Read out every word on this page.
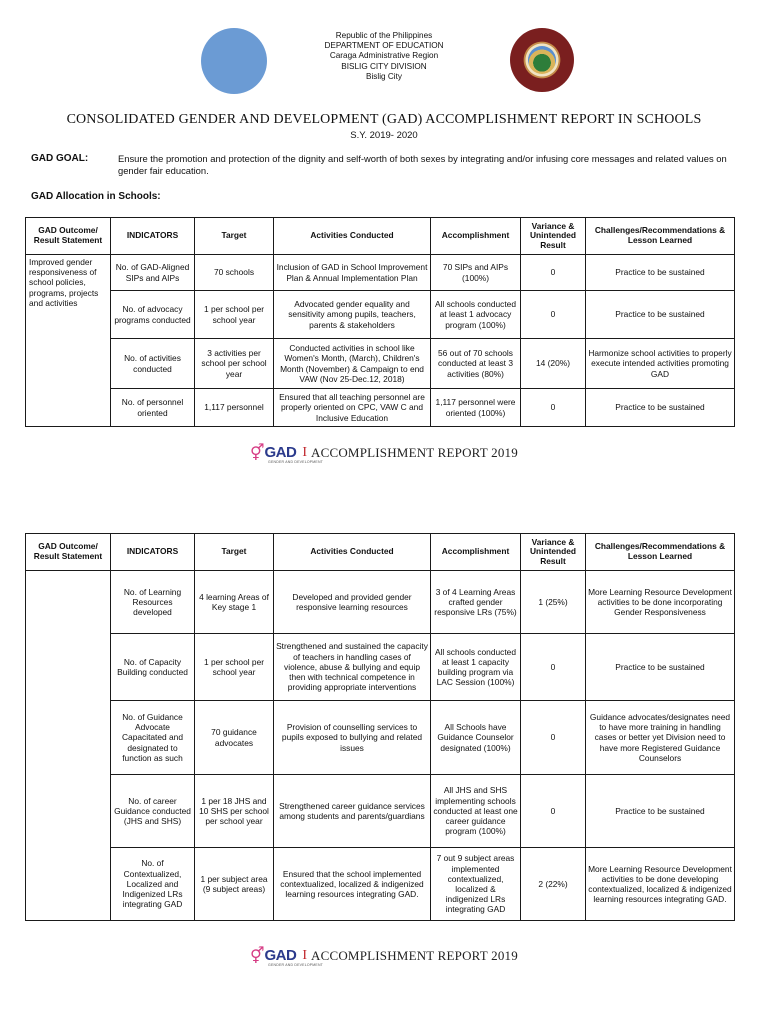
Republic of the Philippines
DEPARTMENT OF EDUCATION
Caraga Administrative Region
BISLIG CITY DIVISION
Bislig City
CONSOLIDATED GENDER AND DEVELOPMENT (GAD) ACCOMPLISHMENT REPORT IN SCHOOLS
S.Y. 2019- 2020
GAD GOAL:	Ensure the promotion and protection of the dignity and self-worth of both sexes by integrating and/or infusing core messages and related values on gender fair education.
GAD Allocation in Schools:
GAD Outcome/ Result Statement	INDICATORS	Target	Activities Conducted	Accomplishment	Variance & Unintended Result	Challenges/Recommendations & Lesson Learned
Improved gender responsiveness of school policies, programs, projects and activities	No. of GAD-Aligned SIPs and AIPs	70 schools	Inclusion of GAD in School Improvement Plan & Annual Implementation Plan	70 SIPs and AIPs (100%)	0	Practice to be sustained
	No. of advocacy programs conducted	1 per school per school year	Advocated gender equality and sensitivity among pupils, teachers, parents & stakeholders	All schools conducted at least 1 advocacy program (100%)	0	Practice to be sustained
	No. of activities conducted	3 activities per school per school year	Conducted activities in school like Women's Month, (March), Children's Month (November) & Campaign to end VAW (Nov 25-Dec.12, 2018)	56 out of 70 schools conducted at least 3 activities (80%)	14 (20%)	Harmonize school activities to properly execute intended activities promoting GAD
	No. of personnel oriented	1,117 personnel	Ensured that all teaching personnel are properly oriented on CPC, VAW C and Inclusive Education	1,117 personnel were oriented (100%)	0	Practice to be sustained
⚥ GAD
GENDER AND DEVELOPMENT
I ACCOMPLISHMENT REPORT 2019
GAD Outcome/ Result Statement	INDICATORS	Target	Activities Conducted	Accomplishment	Variance & Unintended Result	Challenges/Recommendations & Lesson Learned
	No. of Learning Resources developed	4 learning Areas of Key stage 1	Developed and provided gender responsive learning resources	3 of 4 Learning Areas crafted gender responsive LRs (75%)	1 (25%)	More Learning Resource Development activities to be done incorporating Gender Responsiveness
	No. of Capacity Building conducted	1 per school per school year	Strengthened and sustained the capacity of teachers in handling cases of violence, abuse & bullying and equip then with technical competence in providing appropriate interventions	All schools conducted at least 1 capacity building program via LAC Session (100%)	0	Practice to be sustained
	No. of Guidance Advocate Capacitated and designated to function as such	70 guidance advocates	Provision of counselling services to pupils exposed to bullying and related issues	All Schools have Guidance Counselor designated (100%)	0	Guidance advocates/designates need to have more training in handling cases or better yet Division need to have more Registered Guidance Counselors
	No. of career Guidance conducted (JHS and SHS)	1 per 18 JHS and 10 SHS per school per school year	Strengthened career guidance services among students and parents/guardians	All JHS and SHS implementing schools conducted at least one career guidance program (100%)	0	Practice to be sustained
	No. of Contextualized, Localized and Indigenized LRs integrating GAD	1 per subject area (9 subject areas)	Ensured that the school implemented contextualized, localized & indigenized learning resources integrating GAD.	7 out 9 subject areas implemented contextualized, localized & indigenized LRs integrating GAD	2 (22%)	More Learning Resource Development activities to be done developing contextualized, localized & indigenized learning resources integrating GAD.
⚥ GAD
GENDER AND DEVELOPMENT
I ACCOMPLISHMENT REPORT 2019
